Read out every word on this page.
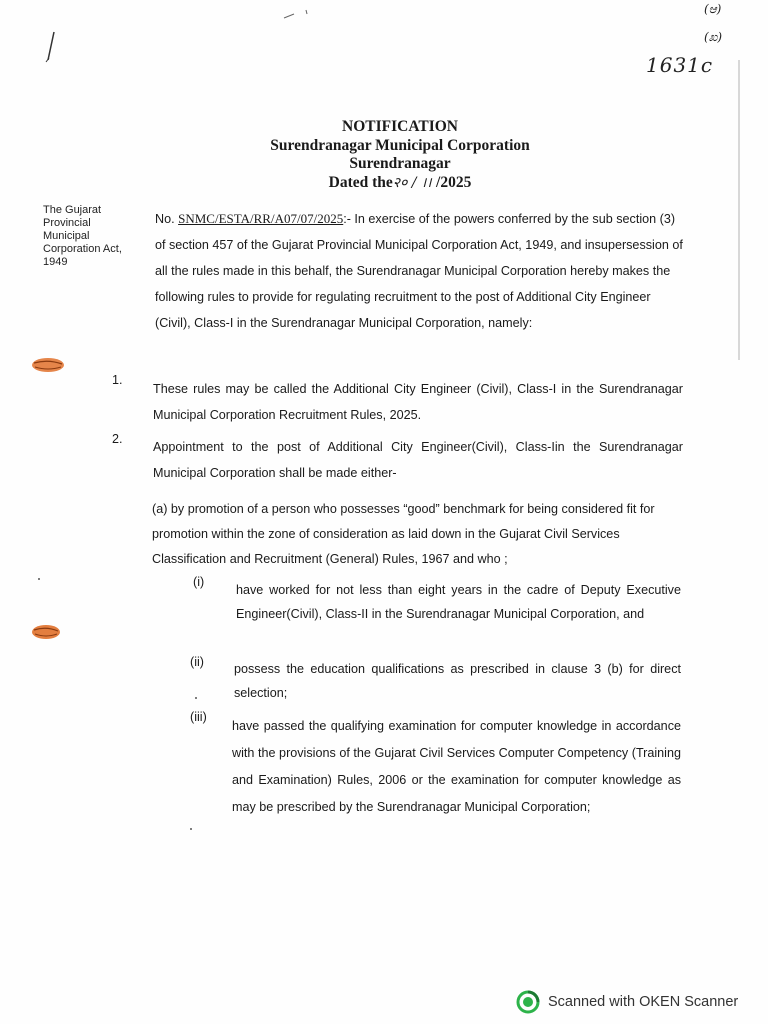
(ಆ)
(ಖ)
1631c
NOTIFICATION
Surendranagar Municipal Corporation
Surendranagar
Dated the२० / ।। /2025
The Gujarat Provincial Municipal Corporation Act, 1949
No. SNMC/ESTA/RR/A07/07/2025:- In exercise of the powers conferred by the sub section (3) of section 457 of the Gujarat Provincial Municipal Corporation Act, 1949, and insupersession of all the rules made in this behalf, the Surendranagar Municipal Corporation hereby makes the following rules to provide for regulating recruitment to the post of Additional City Engineer (Civil), Class-I in the Surendranagar Municipal Corporation, namely:
1.
These rules may be called the Additional City Engineer (Civil), Class-I in the Surendranagar Municipal Corporation Recruitment Rules, 2025.
2.
Appointment to the post of Additional City Engineer(Civil), Class-Iin the Surendranagar Municipal Corporation shall be made either-
(a) by promotion of a person who possesses “good” benchmark for being considered fit for promotion within the zone of consideration as laid down in the Gujarat Civil Services Classification and Recruitment (General) Rules, 1967 and who ;
(i)
have worked for not less than eight years in the cadre of Deputy Executive Engineer(Civil), Class-II in the Surendranagar Municipal Corporation, and
(ii) possess the education qualifications as prescribed in clause 3 (b) for direct selection;
(iii)
have passed the qualifying examination for computer knowledge in accordance with the provisions of the Gujarat Civil Services Computer Competency (Training and Examination) Rules, 2006 or the examination for computer knowledge as may be prescribed by the Surendranagar Municipal Corporation;
Scanned with OKEN Scanner
